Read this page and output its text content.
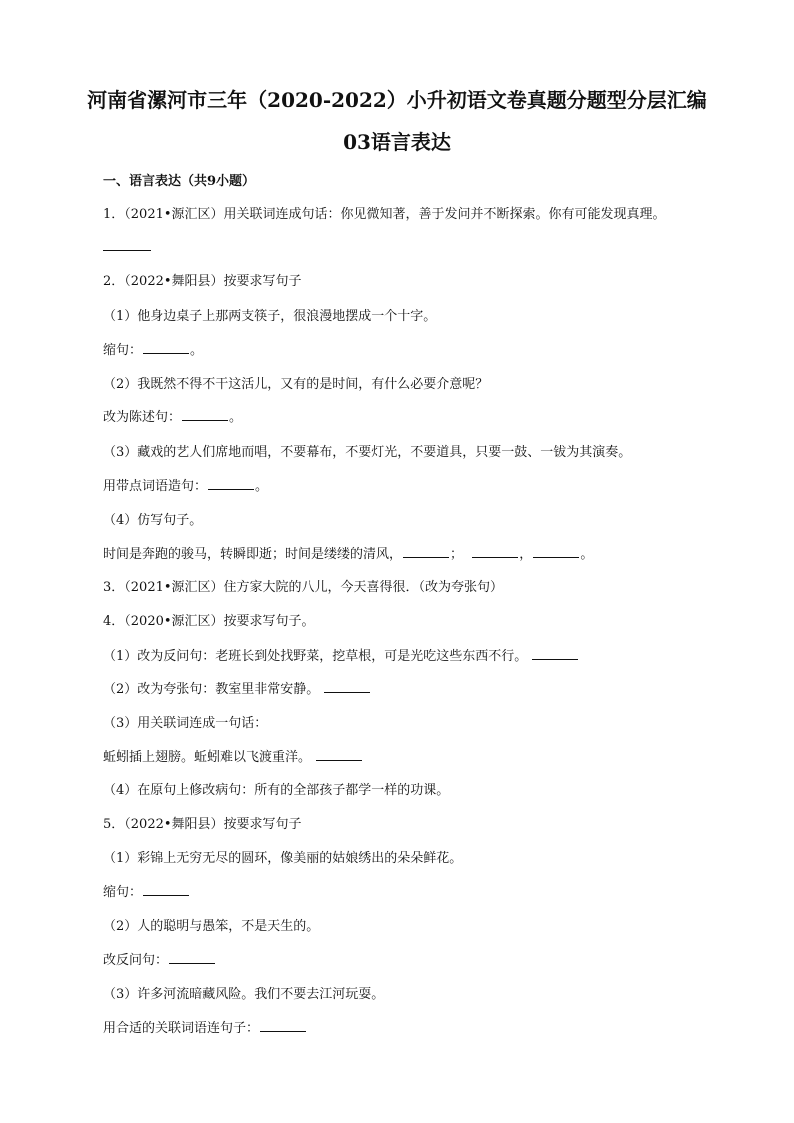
河南省漯河市三年（2020-2022）小升初语文卷真题分题型分层汇编
03语言表达
一、语言表达（共9小题）
1．（2021•源汇区）用关联词连成句话：你见微知著，善于发问并不断探索。你有可能发现真理。
2．（2022•舞阳县）按要求写句子
（1）他身边桌子上那两支筷子，很浪漫地摆成一个十字。
缩句：	。
（2）我既然不得不干这活儿，又有的是时间，有什么必要介意呢？
改为陈述句：	。
（3）藏戏的艺人们席地而唱，不要幕布，不要灯光，不要道具，只要一鼓、一钹为其演奏。
用带点词语造句：	。
（4）仿写句子。
时间是奔跑的骏马，转瞬即逝；时间是缕缕的清风，	；	，	。
3．（2021•源汇区）住方家大院的八儿，今天喜得很．（改为夸张句）
4．（2020•源汇区）按要求写句子。
（1）改为反问句：老班长到处找野菜，挖草根，可是光吃这些东西不行。
（2）改为夸张句：教室里非常安静。
（3）用关联词连成一句话：
蚯蚓插上翅膀。蚯蚓难以飞渡重洋。
（4）在原句上修改病句：所有的全部孩子都学一样的功课。
5．（2022•舞阳县）按要求写句子
（1）彩锦上无穷无尽的圆环，像美丽的姑娘绣出的朵朵鲜花。
缩句：
（2）人的聪明与愚笨，不是天生的。
改反问句：
（3）许多河流暗藏风险。我们不要去江河玩耍。
用合适的关联词语连句子：
